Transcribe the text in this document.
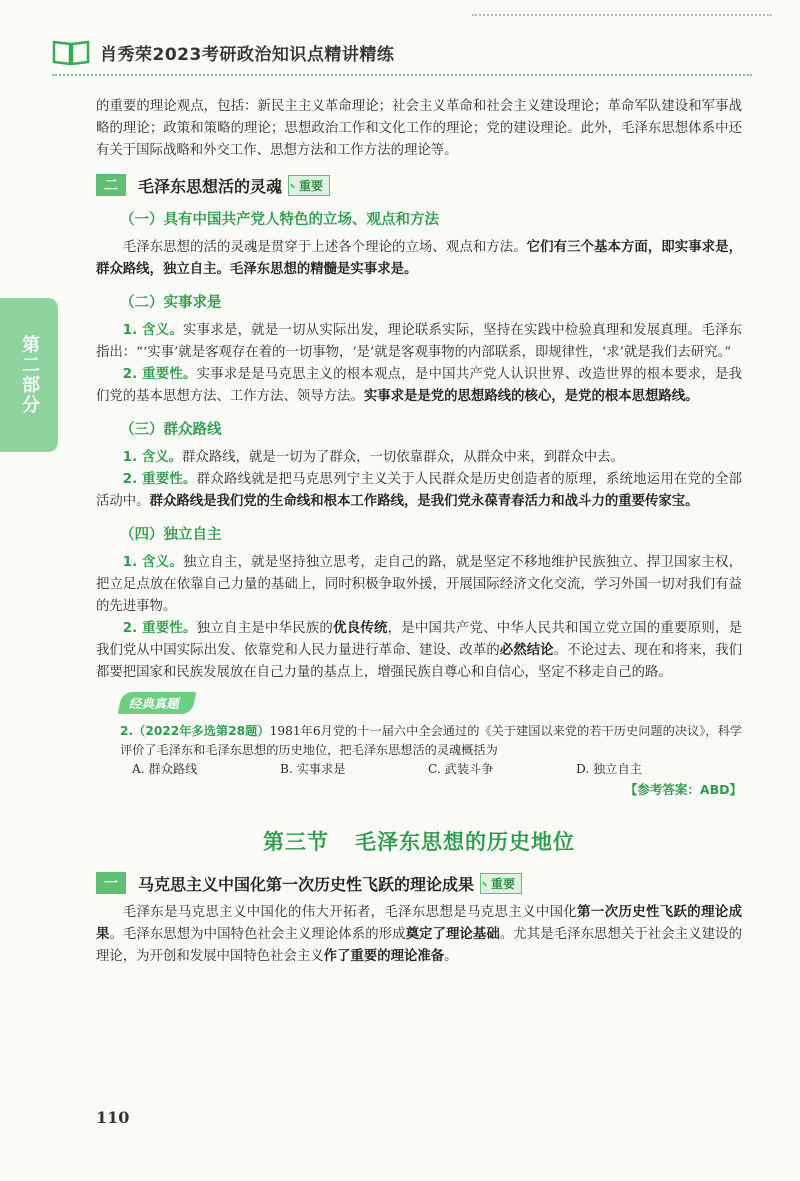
肖秀荣2023考研政治知识点精讲精练
第二部分

的重要的理论观点，包括：新民主主义革命理论；社会主义革命和社会主义建设理论；革命军队建设和军事战略的理论；政策和策略的理论；思想政治工作和文化工作的理论；党的建设理论。此外，毛泽东思想体系中还有关于国际战略和外交工作、思想方法和工作方法的理论等。

二	毛泽东思想活的灵魂	重要
（一）具有中国共产党人特色的立场、观点和方法

毛泽东思想的活的灵魂是贯穿于上述各个理论的立场、观点和方法。它们有三个基本方面，即实事求是，群众路线，独立自主。毛泽东思想的精髓是实事求是。

（二）实事求是

1. 含义。实事求是，就是一切从实际出发，理论联系实际，坚持在实践中检验真理和发展真理。毛泽东指出：“‘实事’就是客观存在着的一切事物，‘是’就是客观事物的内部联系，即规律性，‘求’就是我们去研究。”

2. 重要性。实事求是是马克思主义的根本观点，是中国共产党人认识世界、改造世界的根本要求，是我们党的基本思想方法、工作方法、领导方法。实事求是是党的思想路线的核心，是党的根本思想路线。

（三）群众路线

1. 含义。群众路线，就是一切为了群众，一切依靠群众，从群众中来，到群众中去。

2. 重要性。群众路线就是把马克思列宁主义关于人民群众是历史创造者的原理，系统地运用在党的全部活动中。群众路线是我们党的生命线和根本工作路线，是我们党永葆青春活力和战斗力的重要传家宝。

（四）独立自主

1. 含义。独立自主，就是坚持独立思考，走自己的路，就是坚定不移地维护民族独立、捍卫国家主权，把立足点放在依靠自己力量的基础上，同时积极争取外援，开展国际经济文化交流，学习外国一切对我们有益的先进事物。

2. 重要性。独立自主是中华民族的优良传统，是中国共产党、中华人民共和国立党立国的重要原则，是我们党从中国实际出发、依靠党和人民力量进行革命、建设、改革的必然结论。不论过去、现在和将来，我们都要把国家和民族发展放在自己力量的基点上，增强民族自尊心和自信心，坚定不移走自己的路。

经典真题
2.（2022年多选第28题）1981年6月党的十一届六中全会通过的《关于建国以来党的若干历史问题的决议》，科学评价了毛泽东和毛泽东思想的历史地位，把毛泽东思想活的灵魂概括为
A. 群众路线	B. 实事求是	C. 武装斗争	D. 独立自主
【参考答案：ABD】
第三节 毛泽东思想的历史地位
一	马克思主义中国化第一次历史性飞跃的理论成果	重要

毛泽东是马克思主义中国化的伟大开拓者，毛泽东思想是马克思主义中国化第一次历史性飞跃的理论成果。毛泽东思想为中国特色社会主义理论体系的形成奠定了理论基础。尤其是毛泽东思想关于社会主义建设的理论，为开创和发展中国特色社会主义作了重要的理论准备。

110
